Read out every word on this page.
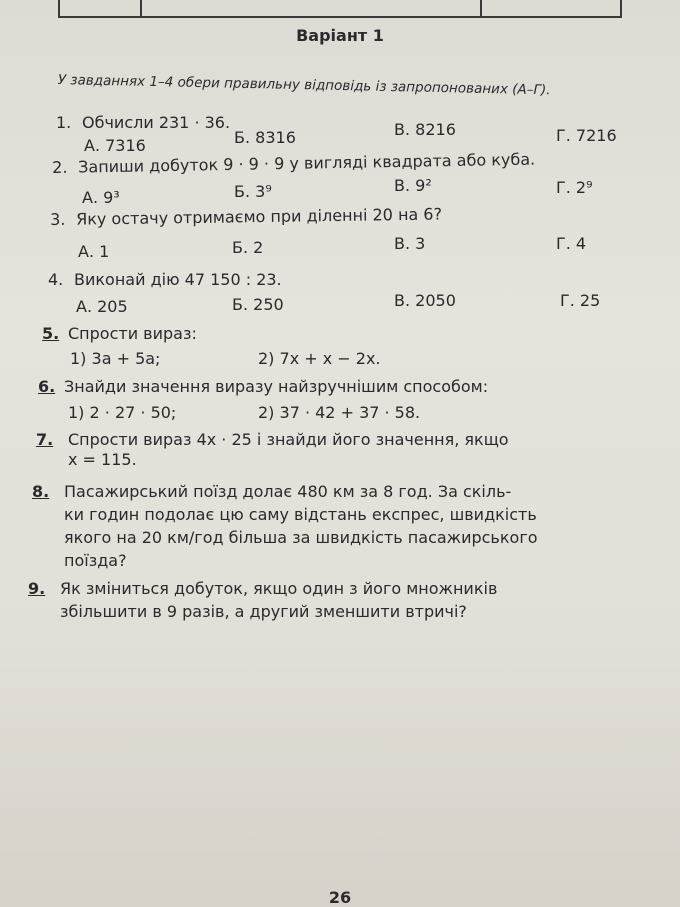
Варіант 1
У завданнях 1–4 обери правильну відповідь із запропонованих (А–Г).
1. Обчисли 231 · 36.
А. 7316	Б. 8316	В. 8216	Г. 7216
2. Запиши добуток 9 · 9 · 9 у вигляді квадрата або куба.
А. 9³	Б. 3⁹	В. 9²	Г. 2⁹
3. Яку остачу отримаємо при діленні 20 на 6?
А. 1	Б. 2	В. 3	Г. 4
4. Виконай дію 47 150 : 23.
А. 205	Б. 250	В. 2050	Г. 25
5. Спрости вираз:
1) 3a + 5a;	2) 7x + x − 2x.
6. Знайди значення виразу найзручнішим способом:
1) 2 · 27 · 50;	2) 37 · 42 + 37 · 58.
7. Спрости вираз 4x · 25 і знайди його значення, якщо
x = 115.
8. Пасажирський поїзд долає 480 км за 8 год. За скіль-
ки годин подолає цю саму відстань експрес, швидкість
якого на 20 км/год більша за швидкість пасажирського
поїзда?
9. Як зміниться добуток, якщо один з його множників
збільшити в 9 разів, а другий зменшити втричі?
26
